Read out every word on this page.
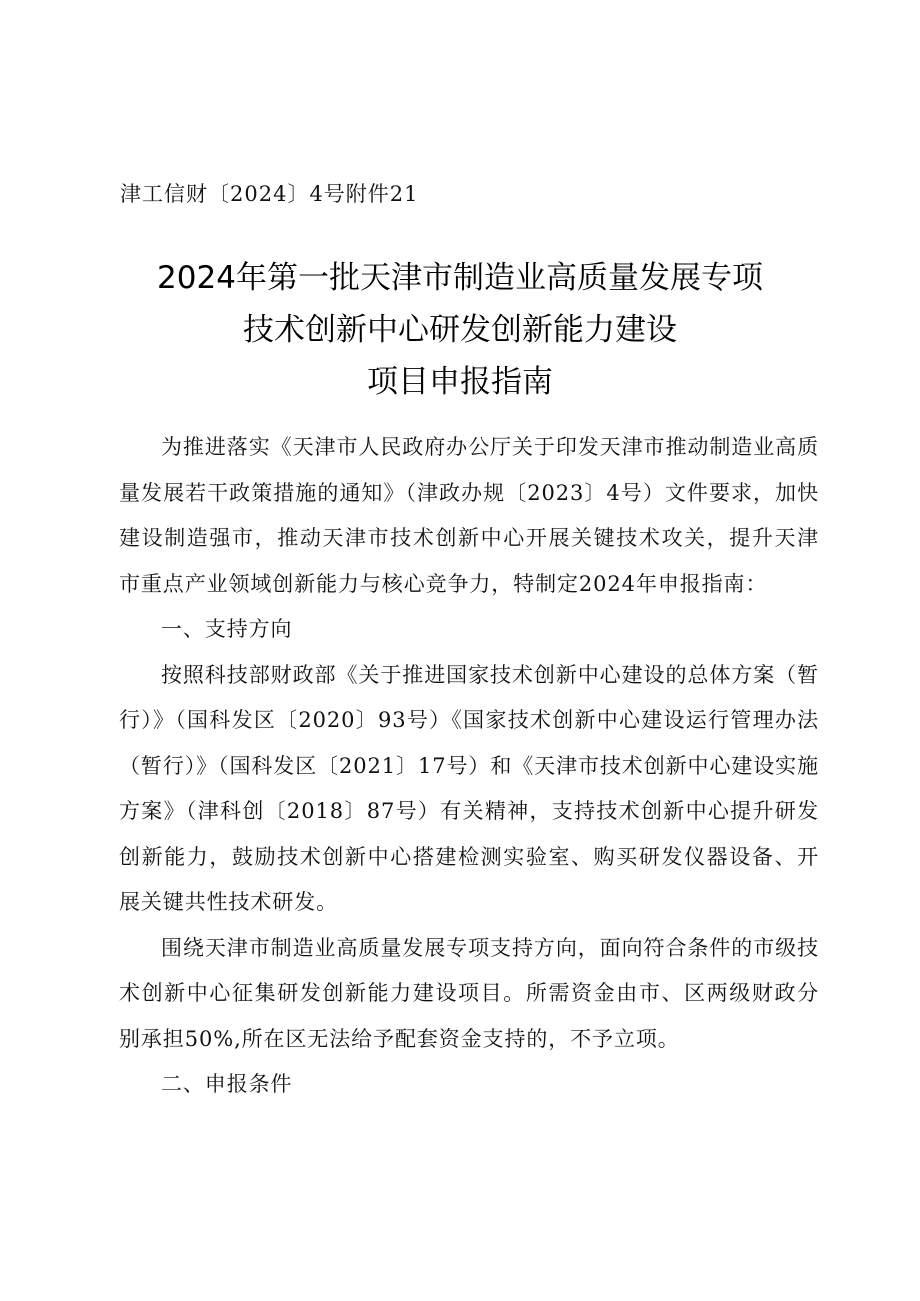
津工信财〔2024〕4号附件21
2024年第一批天津市制造业高质量发展专项
技术创新中心研发创新能力建设
项目申报指南

为推进落实《天津市人民政府办公厅关于印发天津市推动制造业高质量发展若干政策措施的通知》（津政办规〔2023〕4号）文件要求，加快建设制造强市，推动天津市技术创新中心开展关键技术攻关，提升天津市重点产业领域创新能力与核心竞争力，特制定2024年申报指南：

一、支持方向

按照科技部财政部《关于推进国家技术创新中心建设的总体方案（暂行）》（国科发区〔2020〕93号）《国家技术创新中心建设运行管理办法（暂行）》（国科发区〔2021〕17号）和《天津市技术创新中心建设实施方案》（津科创〔2018〕87号）有关精神，支持技术创新中心提升研发创新能力，鼓励技术创新中心搭建检测实验室、购买研发仪器设备、开展关键共性技术研发。

围绕天津市制造业高质量发展专项支持方向，面向符合条件的市级技术创新中心征集研发创新能力建设项目。所需资金由市、区两级财政分别承担50%,所在区无法给予配套资金支持的，不予立项。

二、申报条件
